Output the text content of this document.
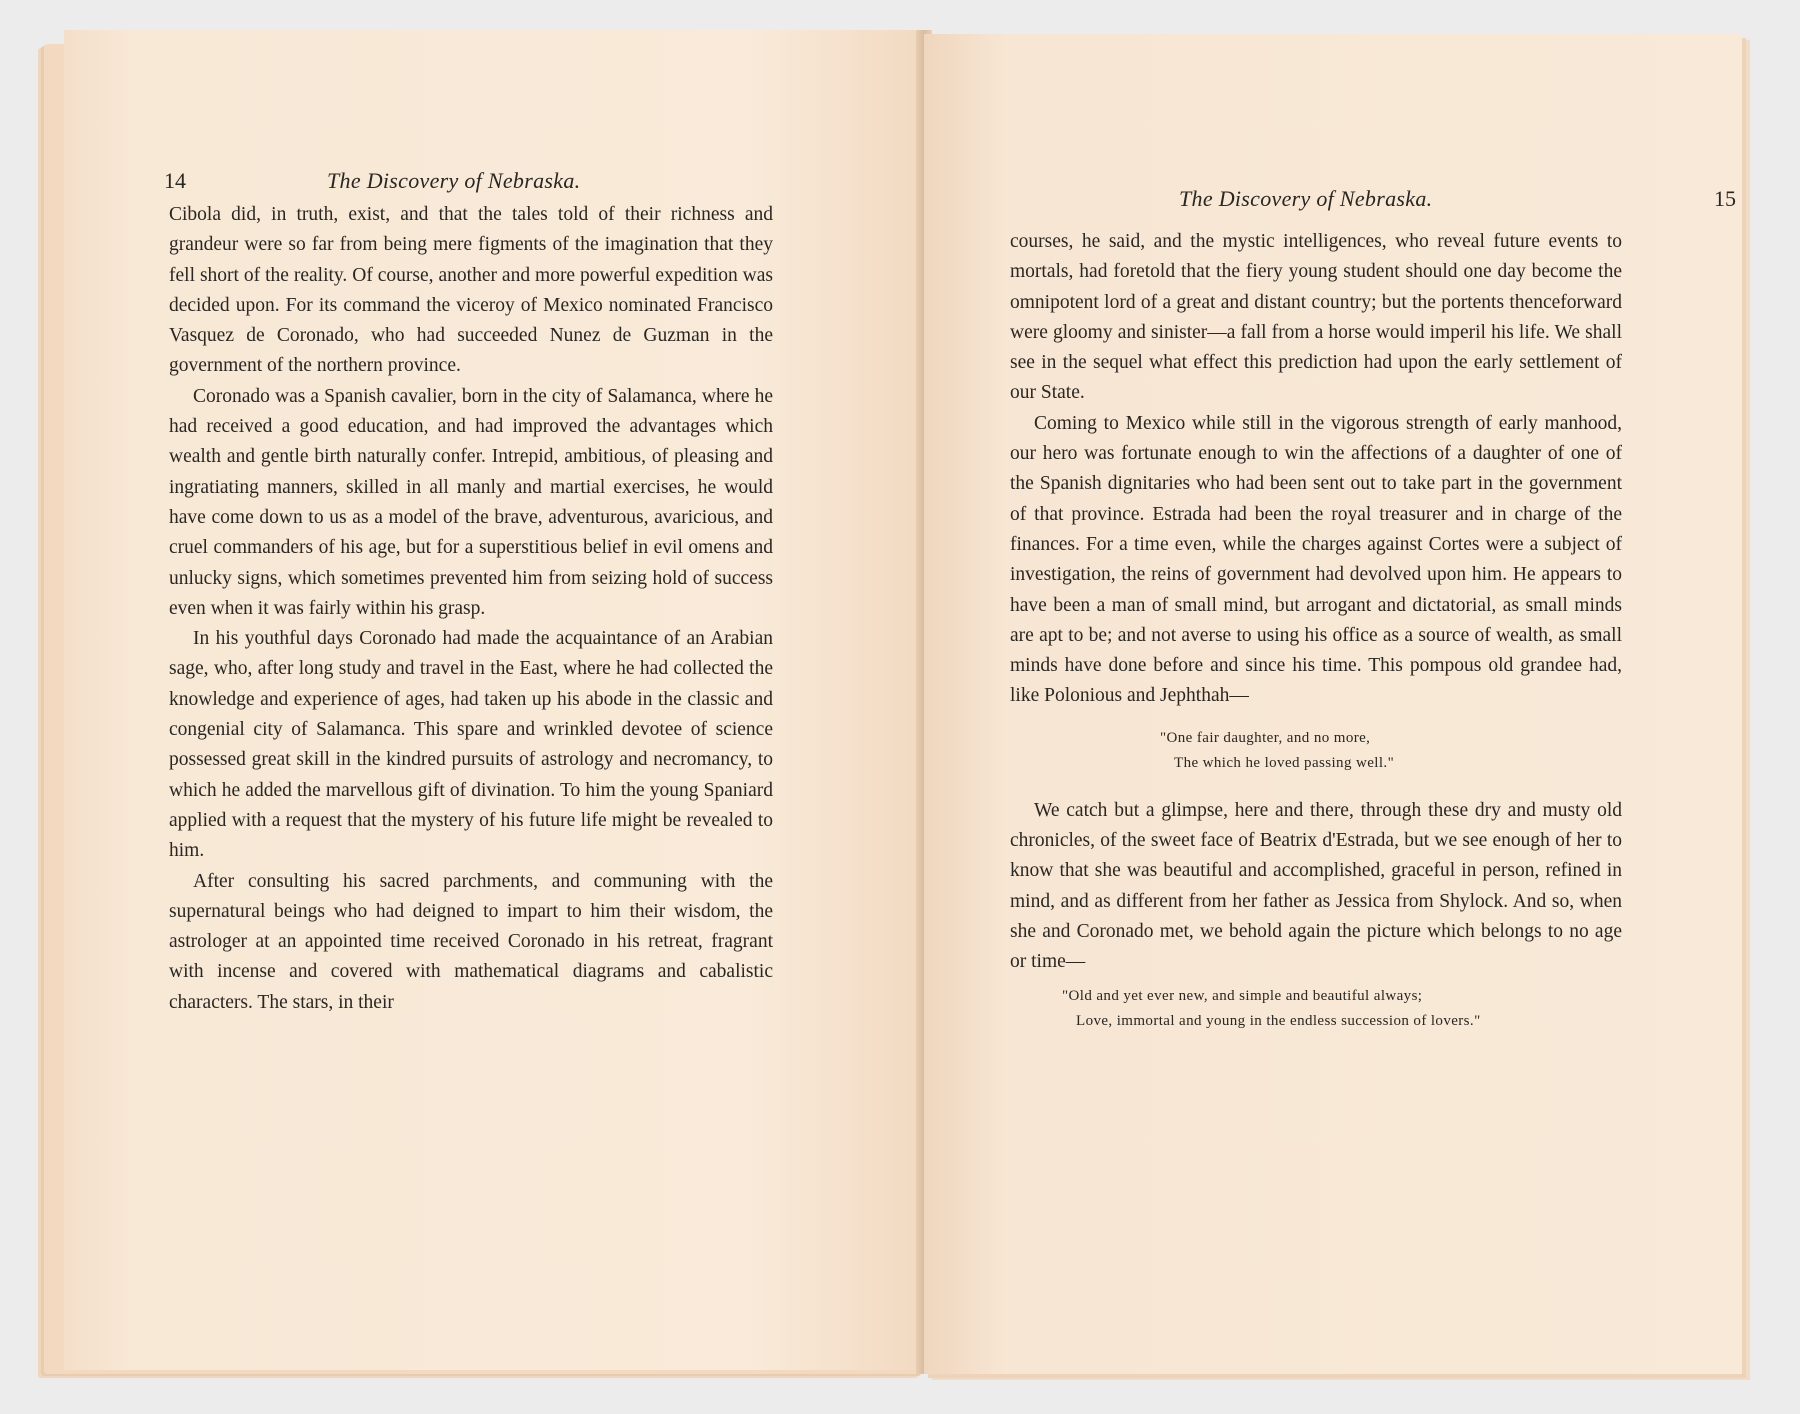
14	The Discovery of Nebraska.

Cibola did, in truth, exist, and that the tales told of their richness and grandeur were so far from being mere figments of the imagination that they fell short of the reality. Of course, another and more powerful expedition was decided upon. For its command the viceroy of Mexico nominated Francisco Vasquez de Coronado, who had succeeded Nunez de Guzman in the government of the northern province.

Coronado was a Spanish cavalier, born in the city of Salamanca, where he had received a good education, and had improved the advantages which wealth and gentle birth naturally confer. Intrepid, ambitious, of pleasing and ingratiating manners, skilled in all manly and martial exercises, he would have come down to us as a model of the brave, adventurous, avaricious, and cruel commanders of his age, but for a superstitious belief in evil omens and unlucky signs, which sometimes prevented him from seizing hold of success even when it was fairly within his grasp.

In his youthful days Coronado had made the acquaintance of an Arabian sage, who, after long study and travel in the East, where he had collected the knowledge and experience of ages, had taken up his abode in the classic and congenial city of Salamanca. This spare and wrinkled devotee of science possessed great skill in the kindred pursuits of astrology and necromancy, to which he added the marvellous gift of divination. To him the young Spaniard applied with a request that the mystery of his future life might be revealed to him.

After consulting his sacred parchments, and communing with the supernatural beings who had deigned to impart to him their wisdom, the astrologer at an appointed time received Coronado in his retreat, fragrant with incense and covered with mathematical diagrams and cabalistic characters. The stars, in their

The Discovery of Nebraska.	15

courses, he said, and the mystic intelligences, who reveal future events to mortals, had foretold that the fiery young student should one day become the omnipotent lord of a great and distant country; but the portents thenceforward were gloomy and sinister—a fall from a horse would imperil his life. We shall see in the sequel what effect this prediction had upon the early settlement of our State.

Coming to Mexico while still in the vigorous strength of early manhood, our hero was fortunate enough to win the affections of a daughter of one of the Spanish dignitaries who had been sent out to take part in the government of that province. Estrada had been the royal treasurer and in charge of the finances. For a time even, while the charges against Cortes were a subject of investigation, the reins of government had devolved upon him. He appears to have been a man of small mind, but arrogant and dictatorial, as small minds are apt to be; and not averse to using his office as a source of wealth, as small minds have done before and since his time. This pompous old grandee had, like Polonious and Jephthah—

"One fair daughter, and no more,
The which he loved passing well."

We catch but a glimpse, here and there, through these dry and musty old chronicles, of the sweet face of Beatrix d'Estrada, but we see enough of her to know that she was beautiful and accomplished, graceful in person, refined in mind, and as different from her father as Jessica from Shylock. And so, when she and Coronado met, we behold again the picture which belongs to no age or time—

"Old and yet ever new, and simple and beautiful always;
Love, immortal and young in the endless succession of lovers."
